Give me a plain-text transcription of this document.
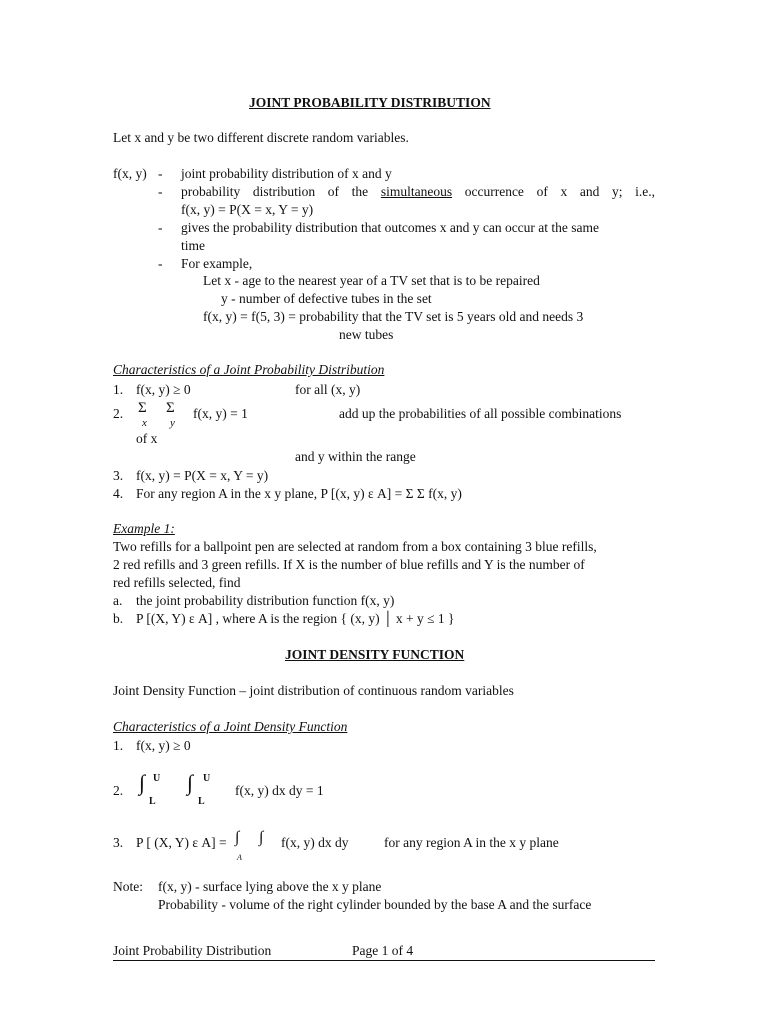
JOINT PROBABILITY DISTRIBUTION
Let x and y be two different discrete random variables.
f(x, y) - joint probability distribution of x and y
- probability distribution of the simultaneous occurrence of x and y; i.e.,
f(x, y) = P(X = x, Y = y)
- gives the probability distribution that outcomes x and y can occur at the same
time
- For example,
Let x - age to the nearest year of a TV set that is to be repaired
y - number of defective tubes in the set
f(x, y) = f(5, 3) = probability that the TV set is 5 years old and needs 3
new tubes
Characteristics of a Joint Probability Distribution
1. f(x, y) ≥ 0	for all (x, y)
2. Σ
x
Σ
y
f(x, y) = 1	add up the probabilities of all possible combinations
of x
and y within the range
3. f(x, y) = P(X = x, Y = y)
4. For any region A in the x y plane, P [(x, y) ε A] = Σ Σ f(x, y)
Example 1:
Two refills for a ballpoint pen are selected at random from a box containing 3 blue refills,
2 red refills and 3 green refills. If X is the number of blue refills and Y is the number of
red refills selected, find
a. the joint probability distribution function f(x, y)
b. P [(X, Y) ε A] , where A is the region { (x, y) │ x + y ≤ 1 }
JOINT DENSITY FUNCTION
Joint Density Function – joint distribution of continuous random variables
Characteristics of a Joint Density Function
1. f(x, y) ≥ 0
2. ∫ U
L
∫ U
L
f(x, y) dx dy = 1
3. P [ (X, Y) ε A] = ∫
A
∫ f(x, y) dx dy	for any region A in the x y plane
Note: f(x, y) - surface lying above the x y plane
Probability - volume of the right cylinder bounded by the base A and the surface
Joint Probability Distribution	Page 1 of 4
